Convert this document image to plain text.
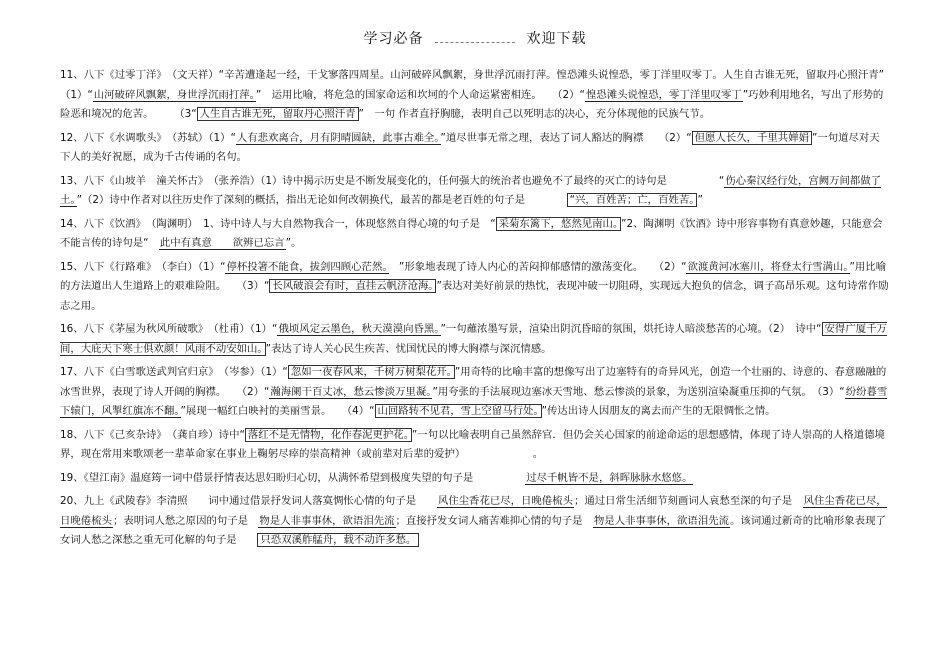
学习必备	欢迎下载
11、八下《过零丁洋》　（文天祥）“辛苦遭逢起一经，干戈寥落四周星。山河破碎风飘絮，身世浮沉雨打萍。惶恐滩头说惶恐，零丁洋里叹零丁。人生自古谁无死，留取丹心照汗青”　（1）“山河破碎风飘絮，身世浮沉雨打萍。”　运用比喻，将危急的国家命运和坎坷的个人命运紧密相连。　　（2）“惶恐滩头说惶恐，零丁洋里叹零丁”巧妙利用地名，写出了形势的险恶和境况的危苦。　　　（3“ 人生自古谁无死，留取丹心照汗青 ”　一句 作者直抒胸臆，表明自己以死明志的决心，充分体现他的民族气节。
12、八下《水调歌头》　（苏轼）（1）“人有悲欢离合，月有阴晴圆缺，此事古难全。”道尽世事无常之理，表达了词人豁达的胸襟　　（2）“ 但愿人长久，千里共婵娟 ”一句道尽对天下人的美好祝愿，成为千古传诵的名句。
13、八下《山坡羊　潼关怀古》　（张养浩）（1）诗中揭示历史是不断发展变化的，任何强大的统治者也避免不了最终的灭亡的诗句是　　　　　“伤心秦汉经行处，宫阙万间都做了土。”（2）诗中作者对以往历史作了深刻的概括，指出无论如何改朝换代，最苦的都是老百姓的句子是　　　　“兴，百姓苦；亡，百姓苦。 ”
14、八下《饮酒》　（陶渊明）　1、诗中诗人与大自然物我合一，体现悠然自得心境的句子是　“ 采菊东篱下，悠然见南山。 ”2、陶渊明《饮酒》诗中形容事物有真意妙趣，只能意会不能言传的诗句是“　此中有真意　　欲辨已忘言”。
15、八下《行路难》　（李白）（1）“停杯投箸不能食，拔剑四顾心茫然。　”形象地表现了诗人内心的苦闷抑郁感情的激荡变化。　　（2）“欲渡黄河冰塞川，将登太行雪满山。”用比喻的方法道出人生道路上的艰难险阻。　　（3）“ 长风破浪会有时，直挂云帆济沧海。 ”表达对美好前景的热忱，表现冲破一切阻碍，实现远大抱负的信念，调子高昂乐观。这句诗常作励志之用。
16、八下《茅屋为秋风所破歌》　（杜甫）（1）“俄顷风定云墨色，秋天漠漠向昏黑。”一句蘸浓墨写景，渲染出阴沉昏暗的氛围，烘托诗人暗淡愁苦的心境。（2）　诗中“ 安得广厦千万间，大庇天下寒士俱欢颜！风雨不动安如山。 ”表达了诗人关心民生疾苦、忧国忧民的博大胸襟与深沉情感。
17、八下《白雪歌送武判官归京》　（岑参）（1）“ 忽如一夜春风来，千树万树梨花开。 ”用奇特的比喻丰富的想像写出了边塞特有的奇异风光，创造一个壮丽的、诗意的、春意融融的冰雪世界，表现了诗人开阔的胸襟。　　（2）“瀚海阑干百丈冰，愁云惨淡万里凝。”用夸张的手法展现边塞冰天雪地、愁云惨淡的景象，为送别渲染凝重压抑的气氛。　（3）“纷纷暮雪下辕门，风掣红旗冻不翻。”展现一幅红白映衬的美丽雪景。　　（4）“ 山回路转不见君，雪上空留马行处。 ”传达出诗人因朋友的离去而产生的无限惆怅之情。
18、八下《己亥杂诗》　（龚自珍）诗中“ 落红不是无情物，化作春泥更护花。 ”一句以比喻表明自己虽然辞官．但仍会关心国家的前途命运的思想感情，体现了诗人崇高的人格道德境界，现在常用来歌颂老一辈革命家在事业上鞠躬尽瘁的崇高精神（或前辈对后辈的爱护）　　　　　　　。
19、《望江南》温庭筠一词中借景抒情表达思妇盼归心切，从满怀希望到极度失望的句子是　　　　　过尽千帆皆不是，斜晖脉脉水悠悠。
20、九上《武陵春》李清照　　词中通过借景抒发词人落寞惆怅心情的句子是　　风住尘香花已尽，日晚倦梳头；通过日常生活细节刻画词人哀愁至深的句子是　风住尘香花已尽，日晚倦梳头；表明词人愁之原因的句子是　物是人非事事休，欲语泪先流；直接抒发女词人痛苦难抑心情的句子是　物是人非事事休，欲语泪先流。该词通过新奇的比喻形象表现了女词人愁之深愁之重无可化解的句子是　　只恐双溪舴艋舟，载不动许多愁。
